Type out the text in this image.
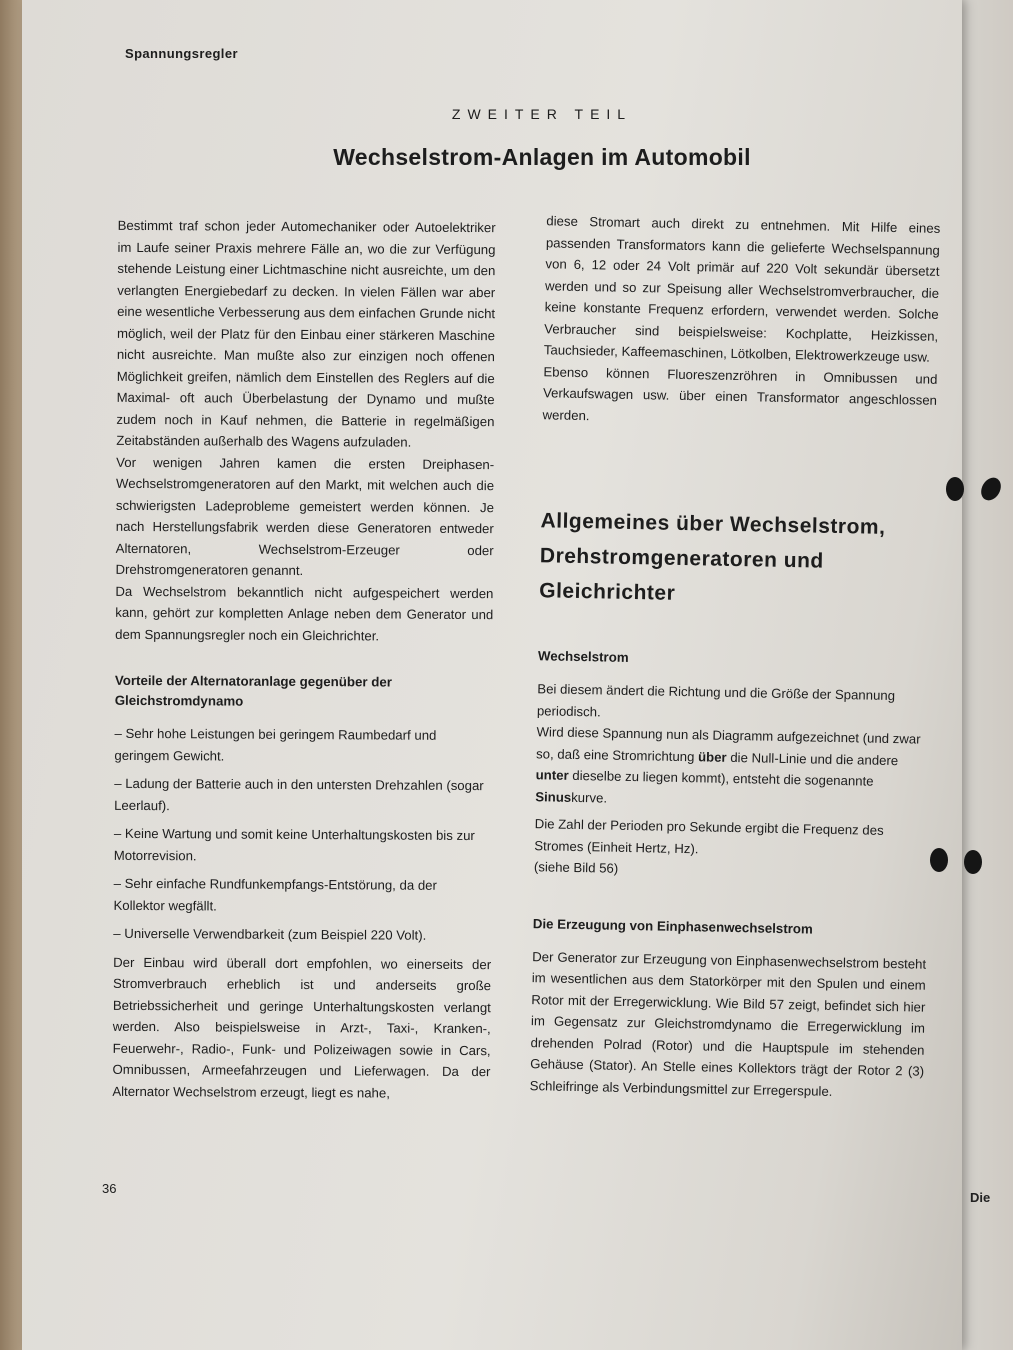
Die
Spannungsregler
ZWEITER TEIL
Wechselstrom-Anlagen im Automobil

Bestimmt traf schon jeder Automechaniker oder Autoelektriker im Laufe seiner Praxis mehrere Fälle an, wo die zur Verfügung stehende Leistung einer Lichtmaschine nicht ausreichte, um den verlangten Energiebedarf zu decken. In vielen Fällen war aber eine wesentliche Verbesserung aus dem einfachen Grunde nicht möglich, weil der Platz für den Einbau einer stärkeren Maschine nicht ausreichte. Man mußte also zur einzigen noch offenen Möglichkeit greifen, nämlich dem Einstellen des Reglers auf die Maximal- oft auch Überbelastung der Dynamo und mußte zudem noch in Kauf nehmen, die Batterie in regelmäßigen Zeitabständen außerhalb des Wagens aufzuladen.

Vor wenigen Jahren kamen die ersten Dreiphasen-Wechselstromgeneratoren auf den Markt, mit welchen auch die schwierigsten Ladeprobleme gemeistert werden können. Je nach Herstellungsfabrik werden diese Generatoren entweder Alternatoren, Wechselstrom-Erzeuger oder Drehstromgeneratoren genannt.

Da Wechselstrom bekanntlich nicht aufgespeichert werden kann, gehört zur kompletten Anlage neben dem Generator und dem Spannungsregler noch ein Gleichrichter.

Vorteile der Alternatoranlage gegenüber der Gleichstromdynamo

– Sehr hohe Leistungen bei geringem Raumbedarf und geringem Gewicht.

– Ladung der Batterie auch in den untersten Drehzahlen (sogar Leerlauf).

– Keine Wartung und somit keine Unterhaltungskosten bis zur Motorrevision.

– Sehr einfache Rundfunkempfangs-Entstörung, da der Kollektor wegfällt.

– Universelle Verwendbarkeit (zum Beispiel 220 Volt).

Der Einbau wird überall dort empfohlen, wo einerseits der Stromverbrauch erheblich ist und anderseits große Betriebssicherheit und geringe Unterhaltungskosten verlangt werden. Also beispielsweise in Arzt-, Taxi-, Kranken-, Feuerwehr-, Radio-, Funk- und Polizeiwagen sowie in Cars, Omnibussen, Armeefahrzeugen und Lieferwagen. Da der Alternator Wechselstrom erzeugt, liegt es nahe,

diese Stromart auch direkt zu entnehmen. Mit Hilfe eines passenden Transformators kann die gelieferte Wechselspannung von 6, 12 oder 24 Volt primär auf 220 Volt sekundär übersetzt werden und so zur Speisung aller Wechselstromverbraucher, die keine konstante Frequenz erfordern, verwendet werden. Solche Verbraucher sind beispielsweise: Kochplatte, Heizkissen, Tauchsieder, Kaffeemaschinen, Lötkolben, Elektrowerkzeuge usw.

Ebenso können Fluoreszenzröhren in Omnibussen und Verkaufswagen usw. über einen Transformator angeschlossen werden.

Allgemeines über Wechselstrom, Drehstromgeneratoren und Gleichrichter

Wechselstrom

Bei diesem ändert die Richtung und die Größe der Spannung periodisch.

Wird diese Spannung nun als Diagramm aufgezeichnet (und zwar so, daß eine Stromrichtung über die Null-Linie und die andere unter dieselbe zu liegen kommt), entsteht die sogenannte Sinuskurve.

Die Zahl der Perioden pro Sekunde ergibt die Frequenz des Stromes (Einheit Hertz, Hz).

(siehe Bild 56)

Die Erzeugung von Einphasenwechselstrom

Der Generator zur Erzeugung von Einphasenwechselstrom besteht im wesentlichen aus dem Statorkörper mit den Spulen und einem Rotor mit der Erregerwicklung. Wie Bild 57 zeigt, befindet sich hier im Gegensatz zur Gleichstromdynamo die Erregerwicklung im drehenden Polrad (Rotor) und die Hauptspule im stehenden Gehäuse (Stator). An Stelle eines Kollektors trägt der Rotor 2 (3) Schleifringe als Verbindungsmittel zur Erregerspule.

36
